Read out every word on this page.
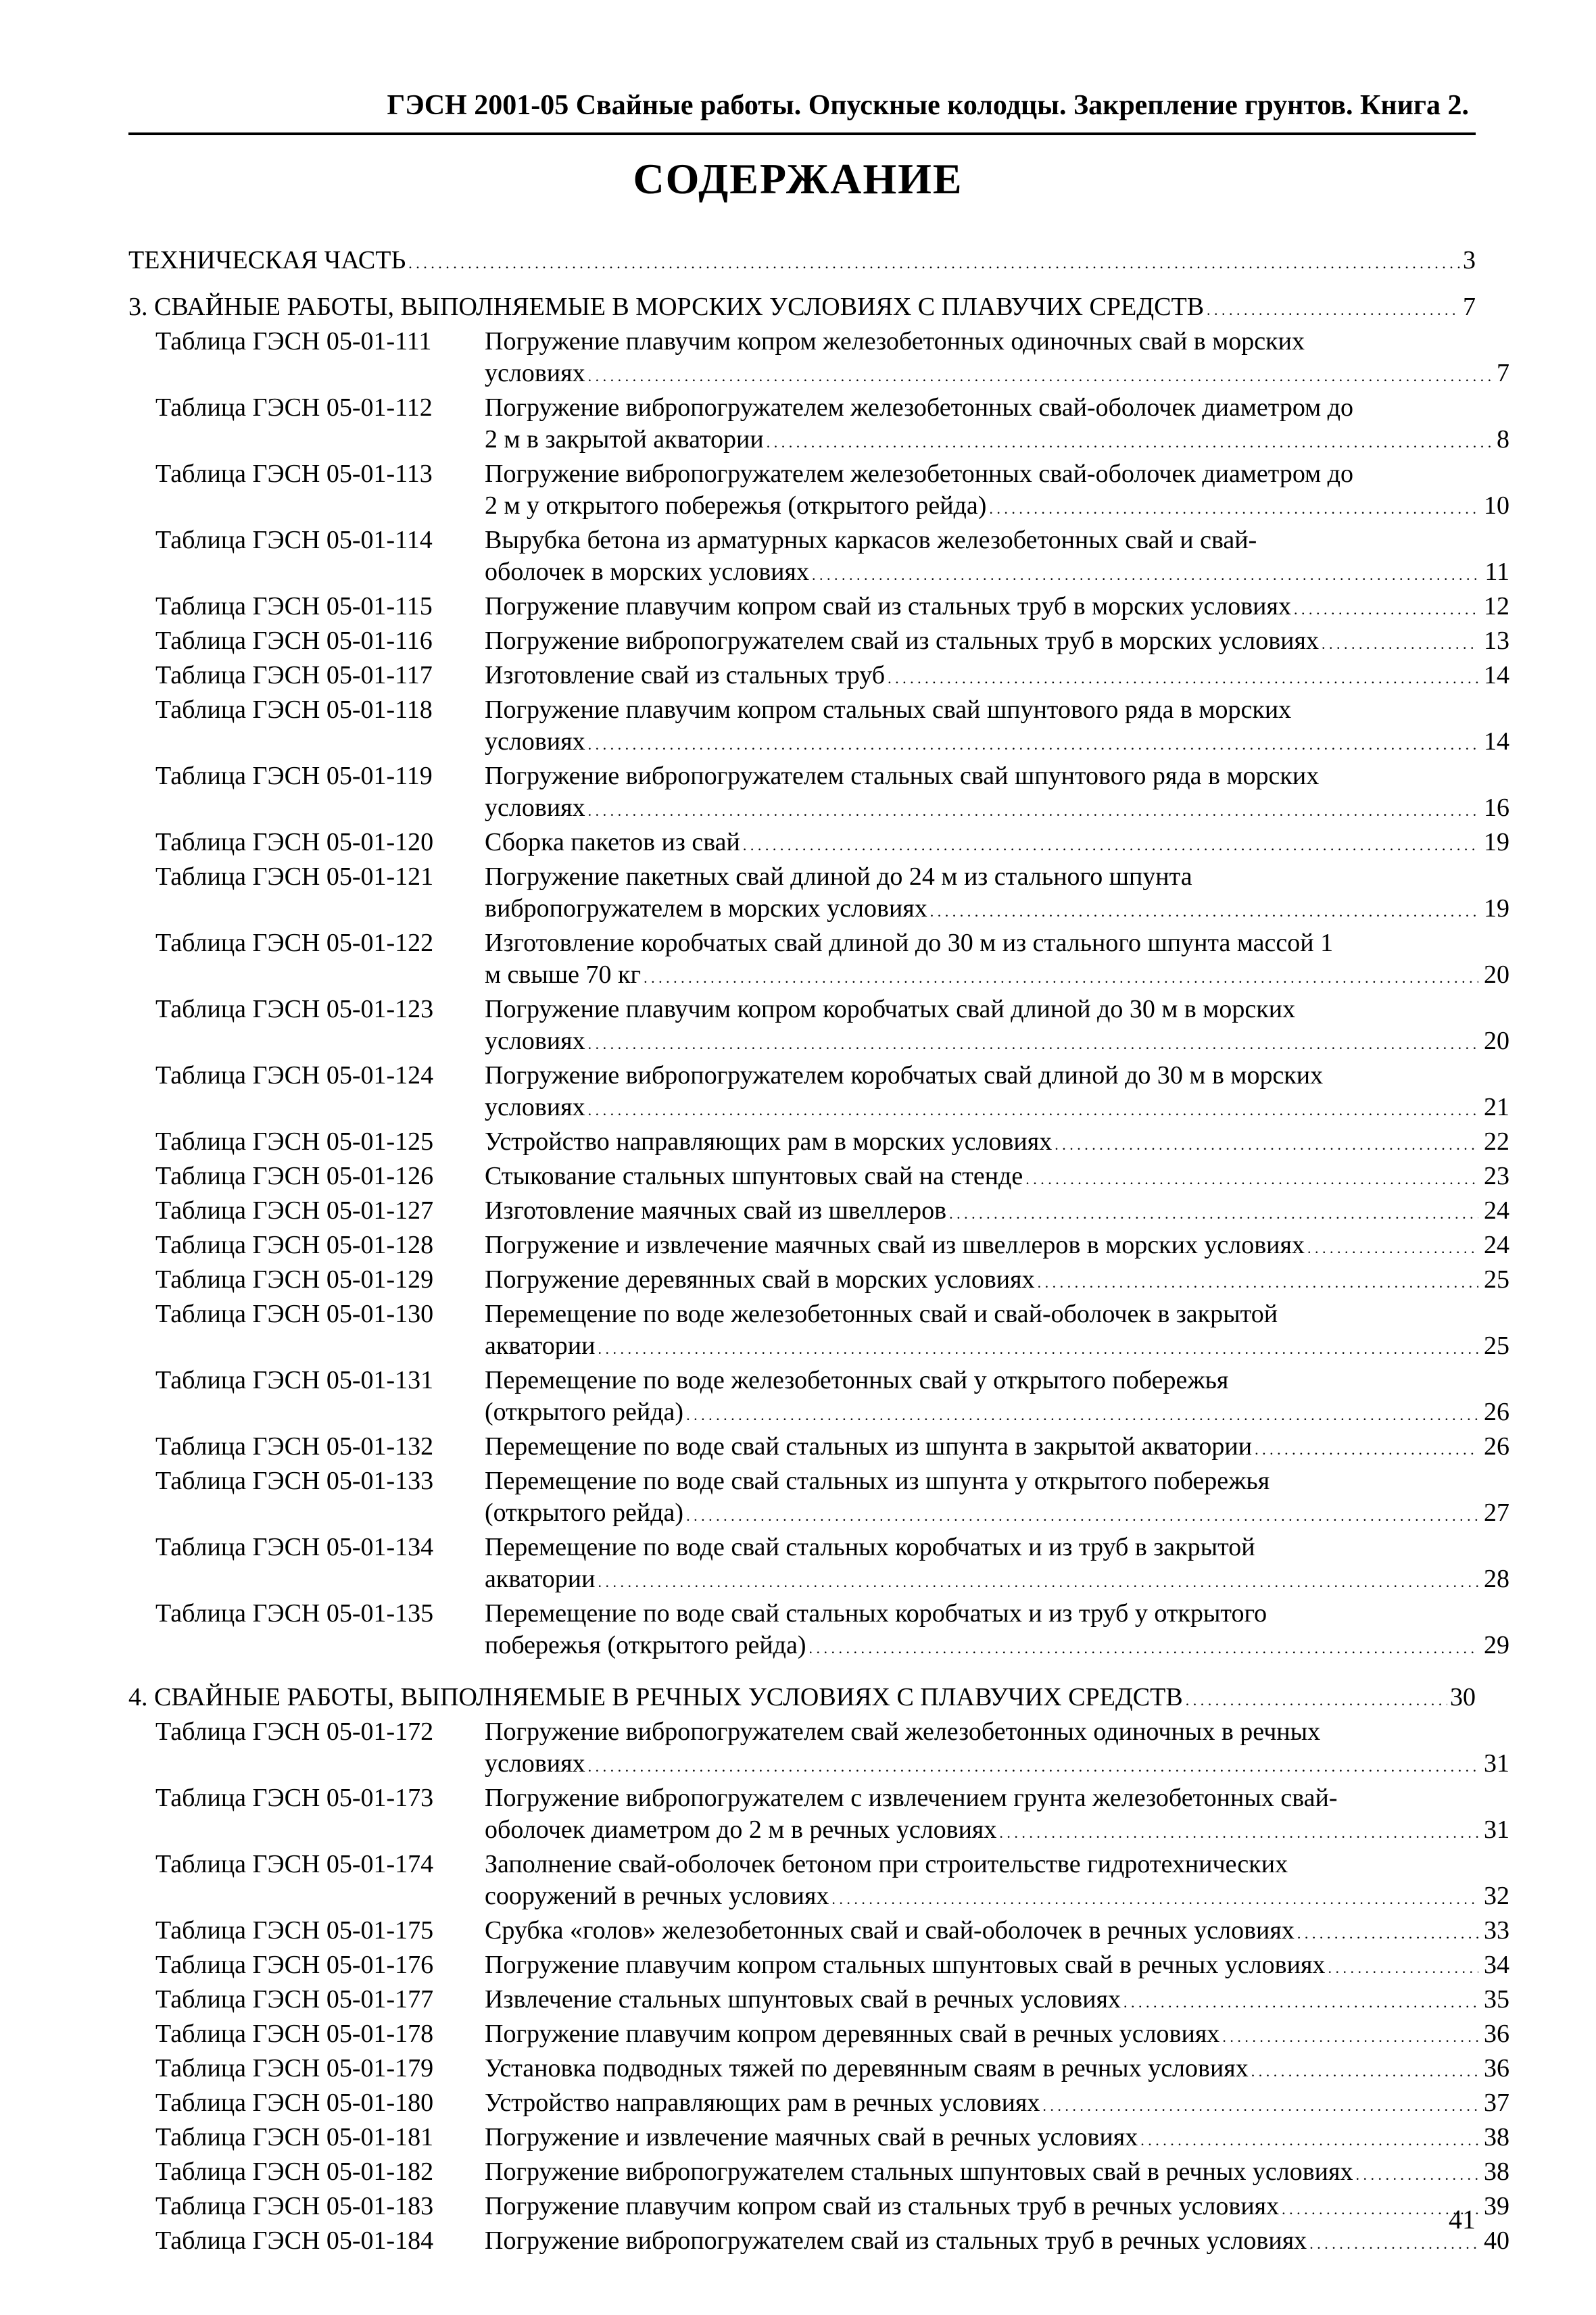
ГЭСН 2001-05 Свайные работы. Опускные колодцы. Закрепление грунтов. Книга 2.
СОДЕРЖАНИЕ
ТЕХНИЧЕСКАЯ ЧАСТЬ . . .	3
3. СВАЙНЫЕ РАБОТЫ, ВЫПОЛНЯЕМЫЕ В МОРСКИХ УСЛОВИЯХ С ПЛАВУЧИХ СРЕДСТВ . . .	7
Таблица ГЭСН 05-01-111	Погружение плавучим копром железобетонных одиночных свай в морских
условиях . . .	7
Таблица ГЭСН 05-01-112	Погружение вибропогружателем железобетонных свай-оболочек диаметром до
2 м в закрытой акватории . . .	8
Таблица ГЭСН 05-01-113	Погружение вибропогружателем железобетонных свай-оболочек диаметром до
2 м у открытого побережья (открытого рейда) . . .	10
Таблица ГЭСН 05-01-114	Вырубка бетона из арматурных каркасов железобетонных свай и свай-
оболочек в морских условиях . . .	11
Таблица ГЭСН 05-01-115	Погружение плавучим копром свай из стальных труб в морских условиях . . .	12
Таблица ГЭСН 05-01-116	Погружение вибропогружателем свай из стальных труб в морских условиях . . .	13
Таблица ГЭСН 05-01-117	Изготовление свай из стальных труб . . .	14
Таблица ГЭСН 05-01-118	Погружение плавучим копром стальных свай шпунтового ряда в морских
условиях . . .	14
Таблица ГЭСН 05-01-119	Погружение вибропогружателем стальных свай шпунтового ряда в морских
условиях . . .	16
Таблица ГЭСН 05-01-120	Сборка пакетов из свай . . .	19
Таблица ГЭСН 05-01-121	Погружение пакетных свай длиной до 24 м из стального шпунта
вибропогружателем в морских условиях . . .	19
Таблица ГЭСН 05-01-122	Изготовление коробчатых свай длиной до 30 м из стального шпунта массой 1
м свыше 70 кг . . .	20
Таблица ГЭСН 05-01-123	Погружение плавучим копром коробчатых свай длиной до 30 м в морских
условиях . . .	20
Таблица ГЭСН 05-01-124	Погружение вибропогружателем коробчатых свай длиной до 30 м в морских
условиях . . .	21
Таблица ГЭСН 05-01-125	Устройство направляющих рам в морских условиях . . .	22
Таблица ГЭСН 05-01-126	Стыкование стальных шпунтовых свай на стенде . . .	23
Таблица ГЭСН 05-01-127	Изготовление маячных свай из швеллеров . . .	24
Таблица ГЭСН 05-01-128	Погружение и извлечение маячных свай из швеллеров в морских условиях . . .	24
Таблица ГЭСН 05-01-129	Погружение деревянных свай в морских условиях . . .	25
Таблица ГЭСН 05-01-130	Перемещение по воде железобетонных свай и свай-оболочек в закрытой
акватории . . .	25
Таблица ГЭСН 05-01-131	Перемещение по воде железобетонных свай у открытого побережья
(открытого рейда) . . .	26
Таблица ГЭСН 05-01-132	Перемещение по воде свай стальных из шпунта в закрытой акватории . . .	26
Таблица ГЭСН 05-01-133	Перемещение по воде свай стальных из шпунта у открытого побережья
(открытого рейда) . . .	27
Таблица ГЭСН 05-01-134	Перемещение по воде свай стальных коробчатых и из труб в закрытой
акватории . . .	28
Таблица ГЭСН 05-01-135	Перемещение по воде свай стальных коробчатых и из труб у открытого
побережья (открытого рейда) . . .	29
4. СВАЙНЫЕ РАБОТЫ, ВЫПОЛНЯЕМЫЕ В РЕЧНЫХ УСЛОВИЯХ С ПЛАВУЧИХ СРЕДСТВ . . .	30
Таблица ГЭСН 05-01-172	Погружение вибропогружателем свай железобетонных одиночных в речных
условиях . . .	31
Таблица ГЭСН 05-01-173	Погружение вибропогружателем с извлечением грунта железобетонных свай-
оболочек диаметром до 2 м в речных условиях . . .	31
Таблица ГЭСН 05-01-174	Заполнение свай-оболочек бетоном при строительстве гидротехнических
сооружений в речных условиях . . .	32
Таблица ГЭСН 05-01-175	Срубка «голов» железобетонных свай и свай-оболочек в речных условиях . . .	33
Таблица ГЭСН 05-01-176	Погружение плавучим копром стальных шпунтовых свай в речных условиях . . .	34
Таблица ГЭСН 05-01-177	Извлечение стальных шпунтовых свай в речных условиях . . .	35
Таблица ГЭСН 05-01-178	Погружение плавучим копром деревянных свай в речных условиях . . .	36
Таблица ГЭСН 05-01-179	Установка подводных тяжей по деревянным сваям в речных условиях . . .	36
Таблица ГЭСН 05-01-180	Устройство направляющих рам в речных условиях . . .	37
Таблица ГЭСН 05-01-181	Погружение и извлечение маячных свай в речных условиях . . .	38
Таблица ГЭСН 05-01-182	Погружение вибропогружателем стальных шпунтовых свай в речных условиях . . .	38
Таблица ГЭСН 05-01-183	Погружение плавучим копром свай из стальных труб в речных условиях . . .	39
Таблица ГЭСН 05-01-184	Погружение вибропогружателем свай из стальных труб в речных условиях . . .	40
41
